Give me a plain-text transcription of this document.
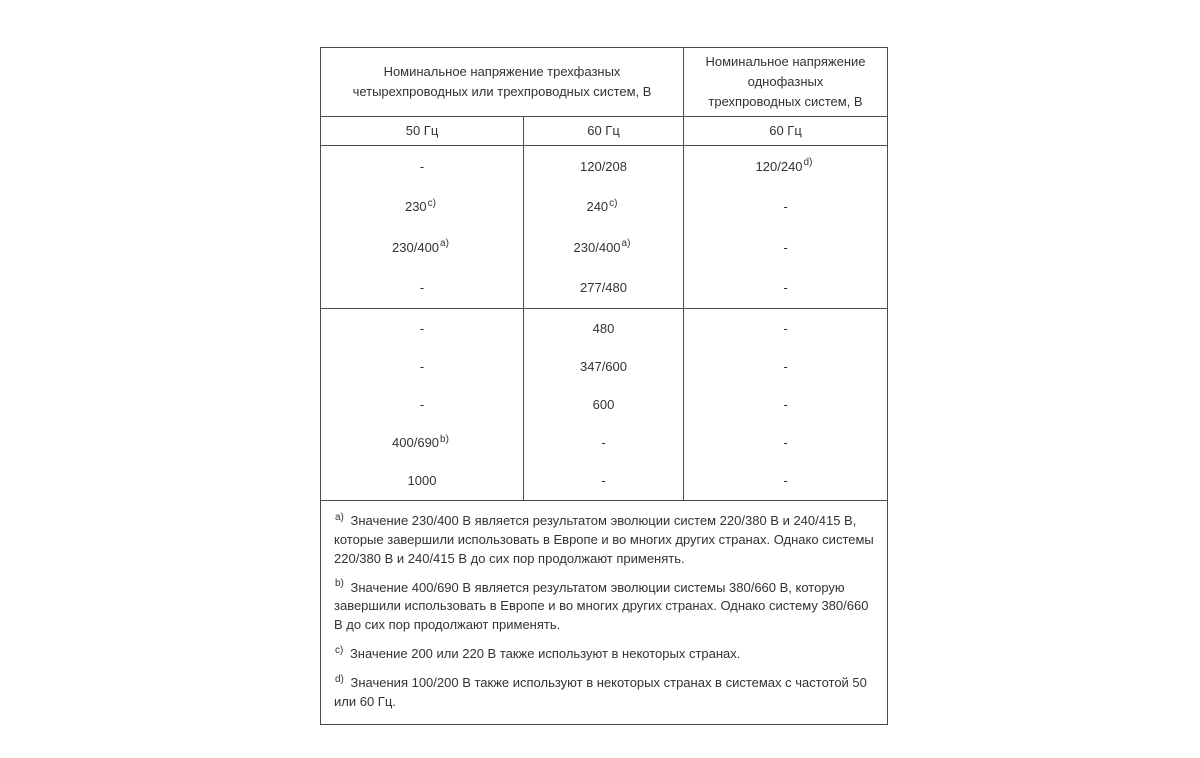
Номинальное напряжение трехфазных четырехпроводных или трехпроводных систем, В
Номинальное напряжение однофазных трехпроводных систем, В
50 Гц	60 Гц	60 Гц
-
230$^{c)}$
230/400$^{a)}$
-
120/208
240$^{c)}$
230/400$^{a)}$
277/480
120/240$^{d)}$
-
-
-
-
-
-
400/690$^{b)}$
1000
480
347/600
600
-
-
-
-
-
-
-

$^{a)}$ Значение 230/400 В является результатом эволюции систем 220/380 В и 240/415 В, которые завершили использовать в Европе и во многих других странах. Однако системы 220/380 В и 240/415 В до сих пор продолжают применять.

$^{b)}$ Значение 400/690 В является результатом эволюции системы 380/660 В, которую завершили использовать в Европе и во многих других странах. Однако систему 380/660 В до сих пор продолжают применять.

$^{c)}$ Значение 200 или 220 В также используют в некоторых странах.

$^{d)}$ Значения 100/200 В также используют в некоторых странах в системах с частотой 50 или 60 Гц.
